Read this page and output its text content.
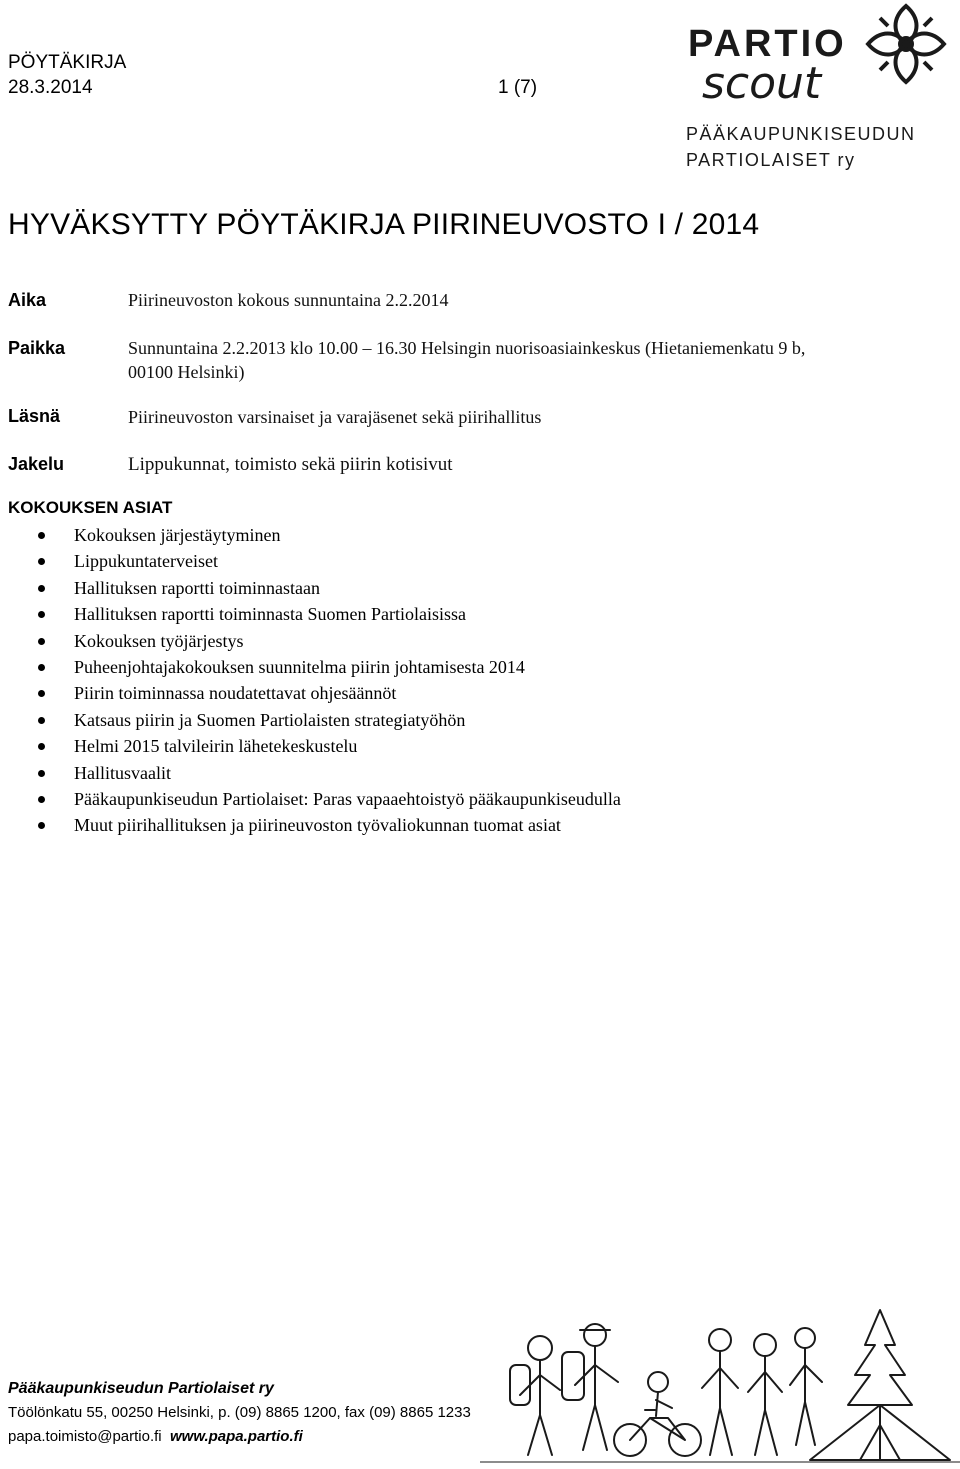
PÖYTÄKIRJA
28.3.2014	1 (7)
PARTIO
scout
PÄÄKAUPUNKISEUDUN
PARTIOLAISET ry
HYVÄKSYTTY PÖYTÄKIRJA PIIRINEUVOSTO I / 2014
Aika	Piirineuvoston kokous sunnuntaina 2.2.2014
Paikka	Sunnuntaina 2.2.2013 klo 10.00 – 16.30 Helsingin nuorisoasiainkeskus (Hietaniemenkatu 9 b,
00100 Helsinki)
Läsnä	Piirineuvoston varsinaiset ja varajäsenet sekä piirihallitus
Jakelu	Lippukunnat, toimisto sekä piirin kotisivut
KOKOUKSEN ASIAT
Kokouksen järjestäytyminen
Lippukuntaterveiset
Hallituksen raportti toiminnastaan
Hallituksen raportti toiminnasta Suomen Partiolaisissa
Kokouksen työjärjestys
Puheenjohtajakokouksen suunnitelma piirin johtamisesta 2014
Piirin toiminnassa noudatettavat ohjesäännöt
Katsaus piirin ja Suomen Partiolaisten strategiatyöhön
Helmi 2015 talvileirin lähetekeskustelu
Hallitusvaalit
Pääkaupunkiseudun Partiolaiset: Paras vapaaehtoistyö pääkaupunkiseudulla
Muut piirihallituksen ja piirineuvoston työvaliokunnan tuomat asiat
Pääkaupunkiseudun Partiolaiset ry
Töölönkatu 55, 00250 Helsinki, p. (09) 8865 1200, fax (09) 8865 1233
papa.toimisto@partio.fi www.papa.partio.fi
